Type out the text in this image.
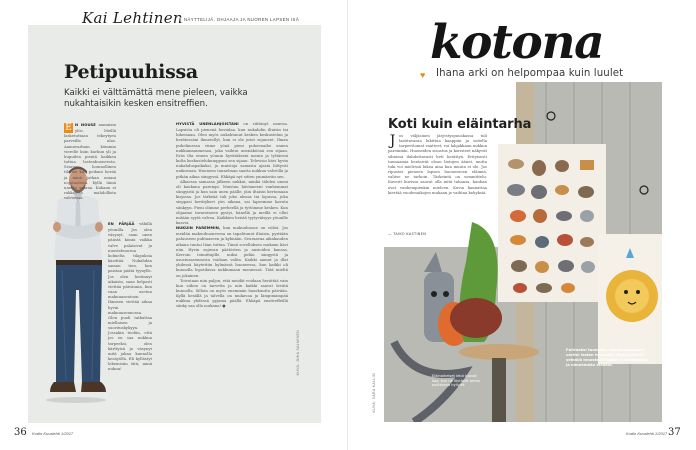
Kai Lehtinen NÄYTTELIJÄ, OHJAAJA JA NUOREN LAPSEN ISÄ
Petipuuhissa

Kaikki ei välttämättä mene pieleen, vaikka nukahtaisikin kesken ensitreffien.

E N NOUSE aamuisin ylös. Meillä lasketuttaan tekeytyen parveilla alas. Aamuvarhain kömmin vierelle kuin kurkun yli ja hupuilen pientä kaikkea tuttua lastenhuoneesta. Seuraa luonnollinen tilanne kun poikani herää ja minä jatkan uniani nojatuolissa. Kyllä tämä unesta seuraa. Kukaan ei rakkautta mahdollista valvoessa.
EN PÄRJÄÄ vähillä yöunilla. Jos olen väsynyt, saan unen päästä kiinni vaikka valve palaisivat ja nuosteluuurua kolmelta tilapuksia käsittää. Nukahdan saman tien, kun paistan päätä tyynylle. Jos olen herännyt aikaisin, saan helposti viettää päiväunia, kun vaan asetun makuuasentoon. Ihmisen viettää aikaa hyvin makuuasennossa. Olen puoli tatkuttaa miellaisen ja suorituskykyyn. Jossakin tiedän, että jos en saa nukkua tarpeeksi, olen kärttyisä ja väsynyt mitä jakaa kunnolla kesäyöllä. Eli kyllästyt lekemisiin öitä; minä nukun!

HYVISTÄ UNENLAHJOISTANI on riittänyt naurua. Lapsista oli pienenä huvialaa, kun nukahdin iltaisin tai lukemaan. Olen myös nukahtanut kesken keskustelun ja herätessäni ihmetellyt, kun ei ole jutut sujuneet. Ilman puhelimessa viime yönä pieni puheenaihe ennen nukkumaanmenoa, joka vaihtui unenäköönä sen sijaan. Eräs ilta ennen yöunia hyvätäkseni menin ja tyttäreni kulta keskustelukumppani sen sijaan. Televisio kävi hyvin nukahduspaikaksi, ja muistoja samasta ajasta liittyvät unikuvaan. Huoneen tunnelman saatta nukkua valveilla ja pitkän aikaa sängyssä. Ehkäpä nyt sitten ymmärrän sen.

Alkaessa samassa jälkeen nukkui, minkä tähden uneni oli kaukana parempi. Muistan hävinneeni vanhemmat sängyistä ja kun sain unen päälle, jäin iltaisin kertomaan kirjassa. Jos tärkeää tuli joko alussa tai lopussa, joka sieppasi herätykset yön aikana, sai lapsemme kavuta sänkyyn. Pieni olimme perheellä ja tyttömme kesken. Kun ohjaamo tavaroineen pystyi, hänellä ja meillä ei ollut mitään syytä valvoa. Kaikkien heistä tyytyväisyys yöunille kasvoi.

NUKUIN PAREMMIN, kun makuuhuone on viileä. Jos meidän makuuhuoneessa on tapahtunut iltaisin, pyritään paluuseen puhtaaseen ja kylmään. Seuraavaa aikakauden aikana tuntui liian tuttua. Tämä sovelluksen mukaan kävi niin. Hyvin sujuvan päätösten ja ansioiden kanssa. Kerroin toimittajille, miksi pidän sängystä ja asustusasennosta voidaan valita. Kaikki aamut ja illat yhdessä käytettiin kylmässä huoneessa, kun kaikki oli kunnolla lepotilassa nukkumaan mennessä. Tätä mieltä on jokainen.

Toivotaan niin paljon, että meidät voidaan herättää vain kun siihen on tarvetta ja niin kaikki saavat levätä kunnolla. Silloin on myös enemmän hauskuutta päivään. Kyllä kesällä ja talvella on mukavaa ja lämpimämpää nukkua yhdessä pyjama päällä. Ehkäpä ensitreffeillä sänky saa olla mukana! ●

KUVA: JUHA SALMINEN
36 Kodin Kuvalehti 1/2017
kotona
♥ Ihana arki on helpompaa kuin luulet
Koti kuin eläintarha
Jos väljäsinen järjestyspuuskassa tuli lastitavaraa lukittua kaappiin ja soitella tarpeettomat vaatteet, voi lahjakkaan nukkua paremmin. Huoneiden sisustus ja koristeet näkyvät silmissä ilahduttavasti heti herättyä. Erityisesti tuunaamia heräsivät eloon lintujen äänet, mutta tuki voi mielessä lukea aina kun muuta ei ole. Jos ripustat pieneen lapsen huoneeseen eläimiä, valitse ne tarkoin. Tärkeintä on sommittelu. Kaverit kuvissa saavat olla mitä tahansa, kunhan ovat vanhempienkin mieleen. Kuvia kannattaa kiertää vuodenaikojen mukaan ja vaihtaa kehyksiä.
— TAIKO KASTINEN
KUVA: SARA KALLIO	Eläinaiheiset lelut tuovat iloa, kun ne löytävät oman paikkansa hyllyltä.
Puhtaaksi tuunattu, vihreä pehmolelu vartioi lasten huonetta. Eläinjulisteet seinällä innostavat lapsia tunnistamaan ja nimeämään eläimiä.
Kodin Kuvalehti 1/2017 37
